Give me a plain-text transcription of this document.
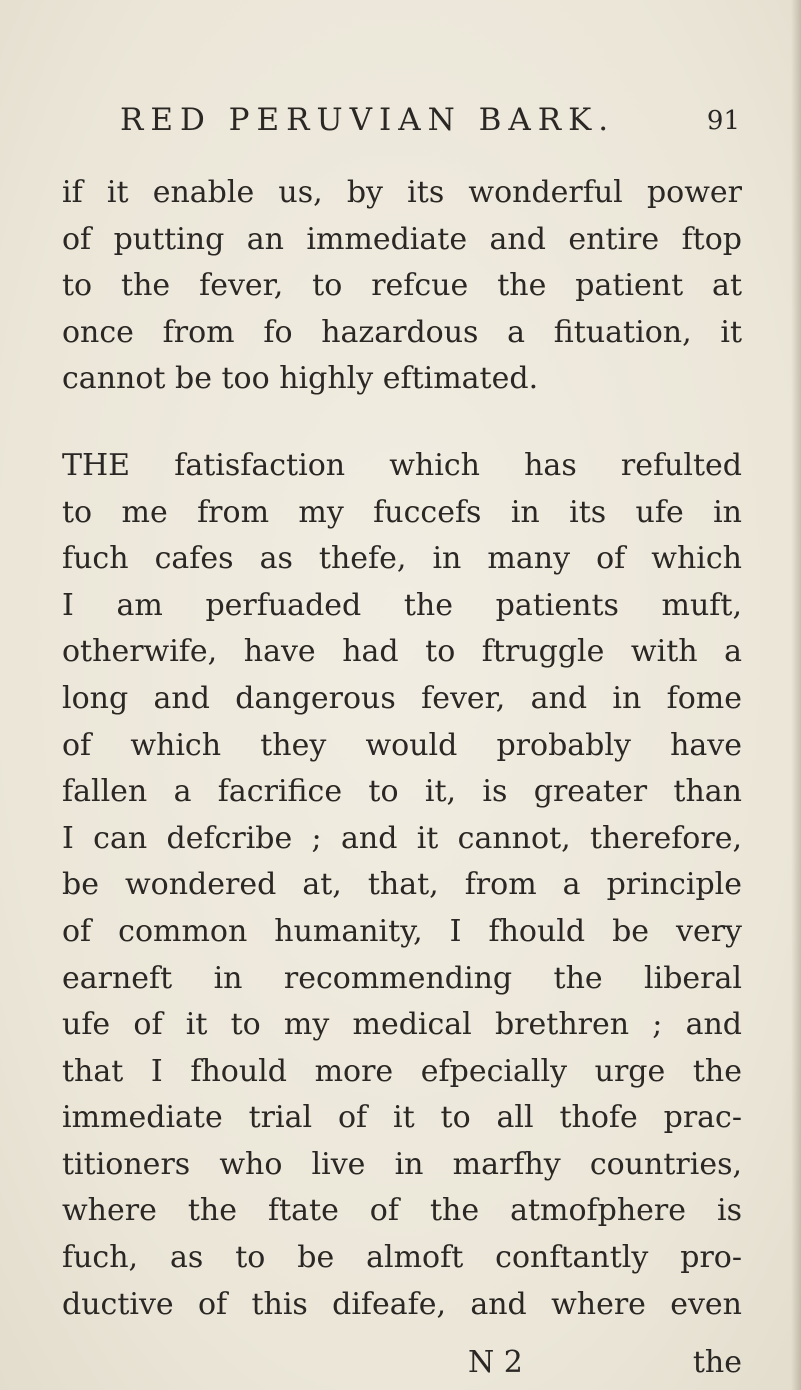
RED PERUVIAN BARK.	91
if it enable us, by its wonderful power
of putting an immediate and entire ftop
to the fever, to refcue the patient at
once from fo hazardous a fituation, it
cannot be too highly eftimated.
THE fatisfaction which has refulted
to me from my fuccefs in its ufe in
fuch cafes as thefe, in many of which
I am perfuaded the patients muft,
otherwife, have had to ftruggle with a
long and dangerous fever, and in fome
of which they would probably have
fallen a facrifice to it, is greater than
I can defcribe ; and it cannot, therefore,
be wondered at, that, from a principle
of common humanity, I fhould be very
earneft in recommending the liberal
ufe of it to my medical brethren ; and
that I fhould more efpecially urge the
immediate trial of it to all thofe prac-
titioners who live in marfhy countries,
where the ftate of the atmofphere is
fuch, as to be almoft conftantly pro-
ductive of this difeafe, and where even
N 2	the
